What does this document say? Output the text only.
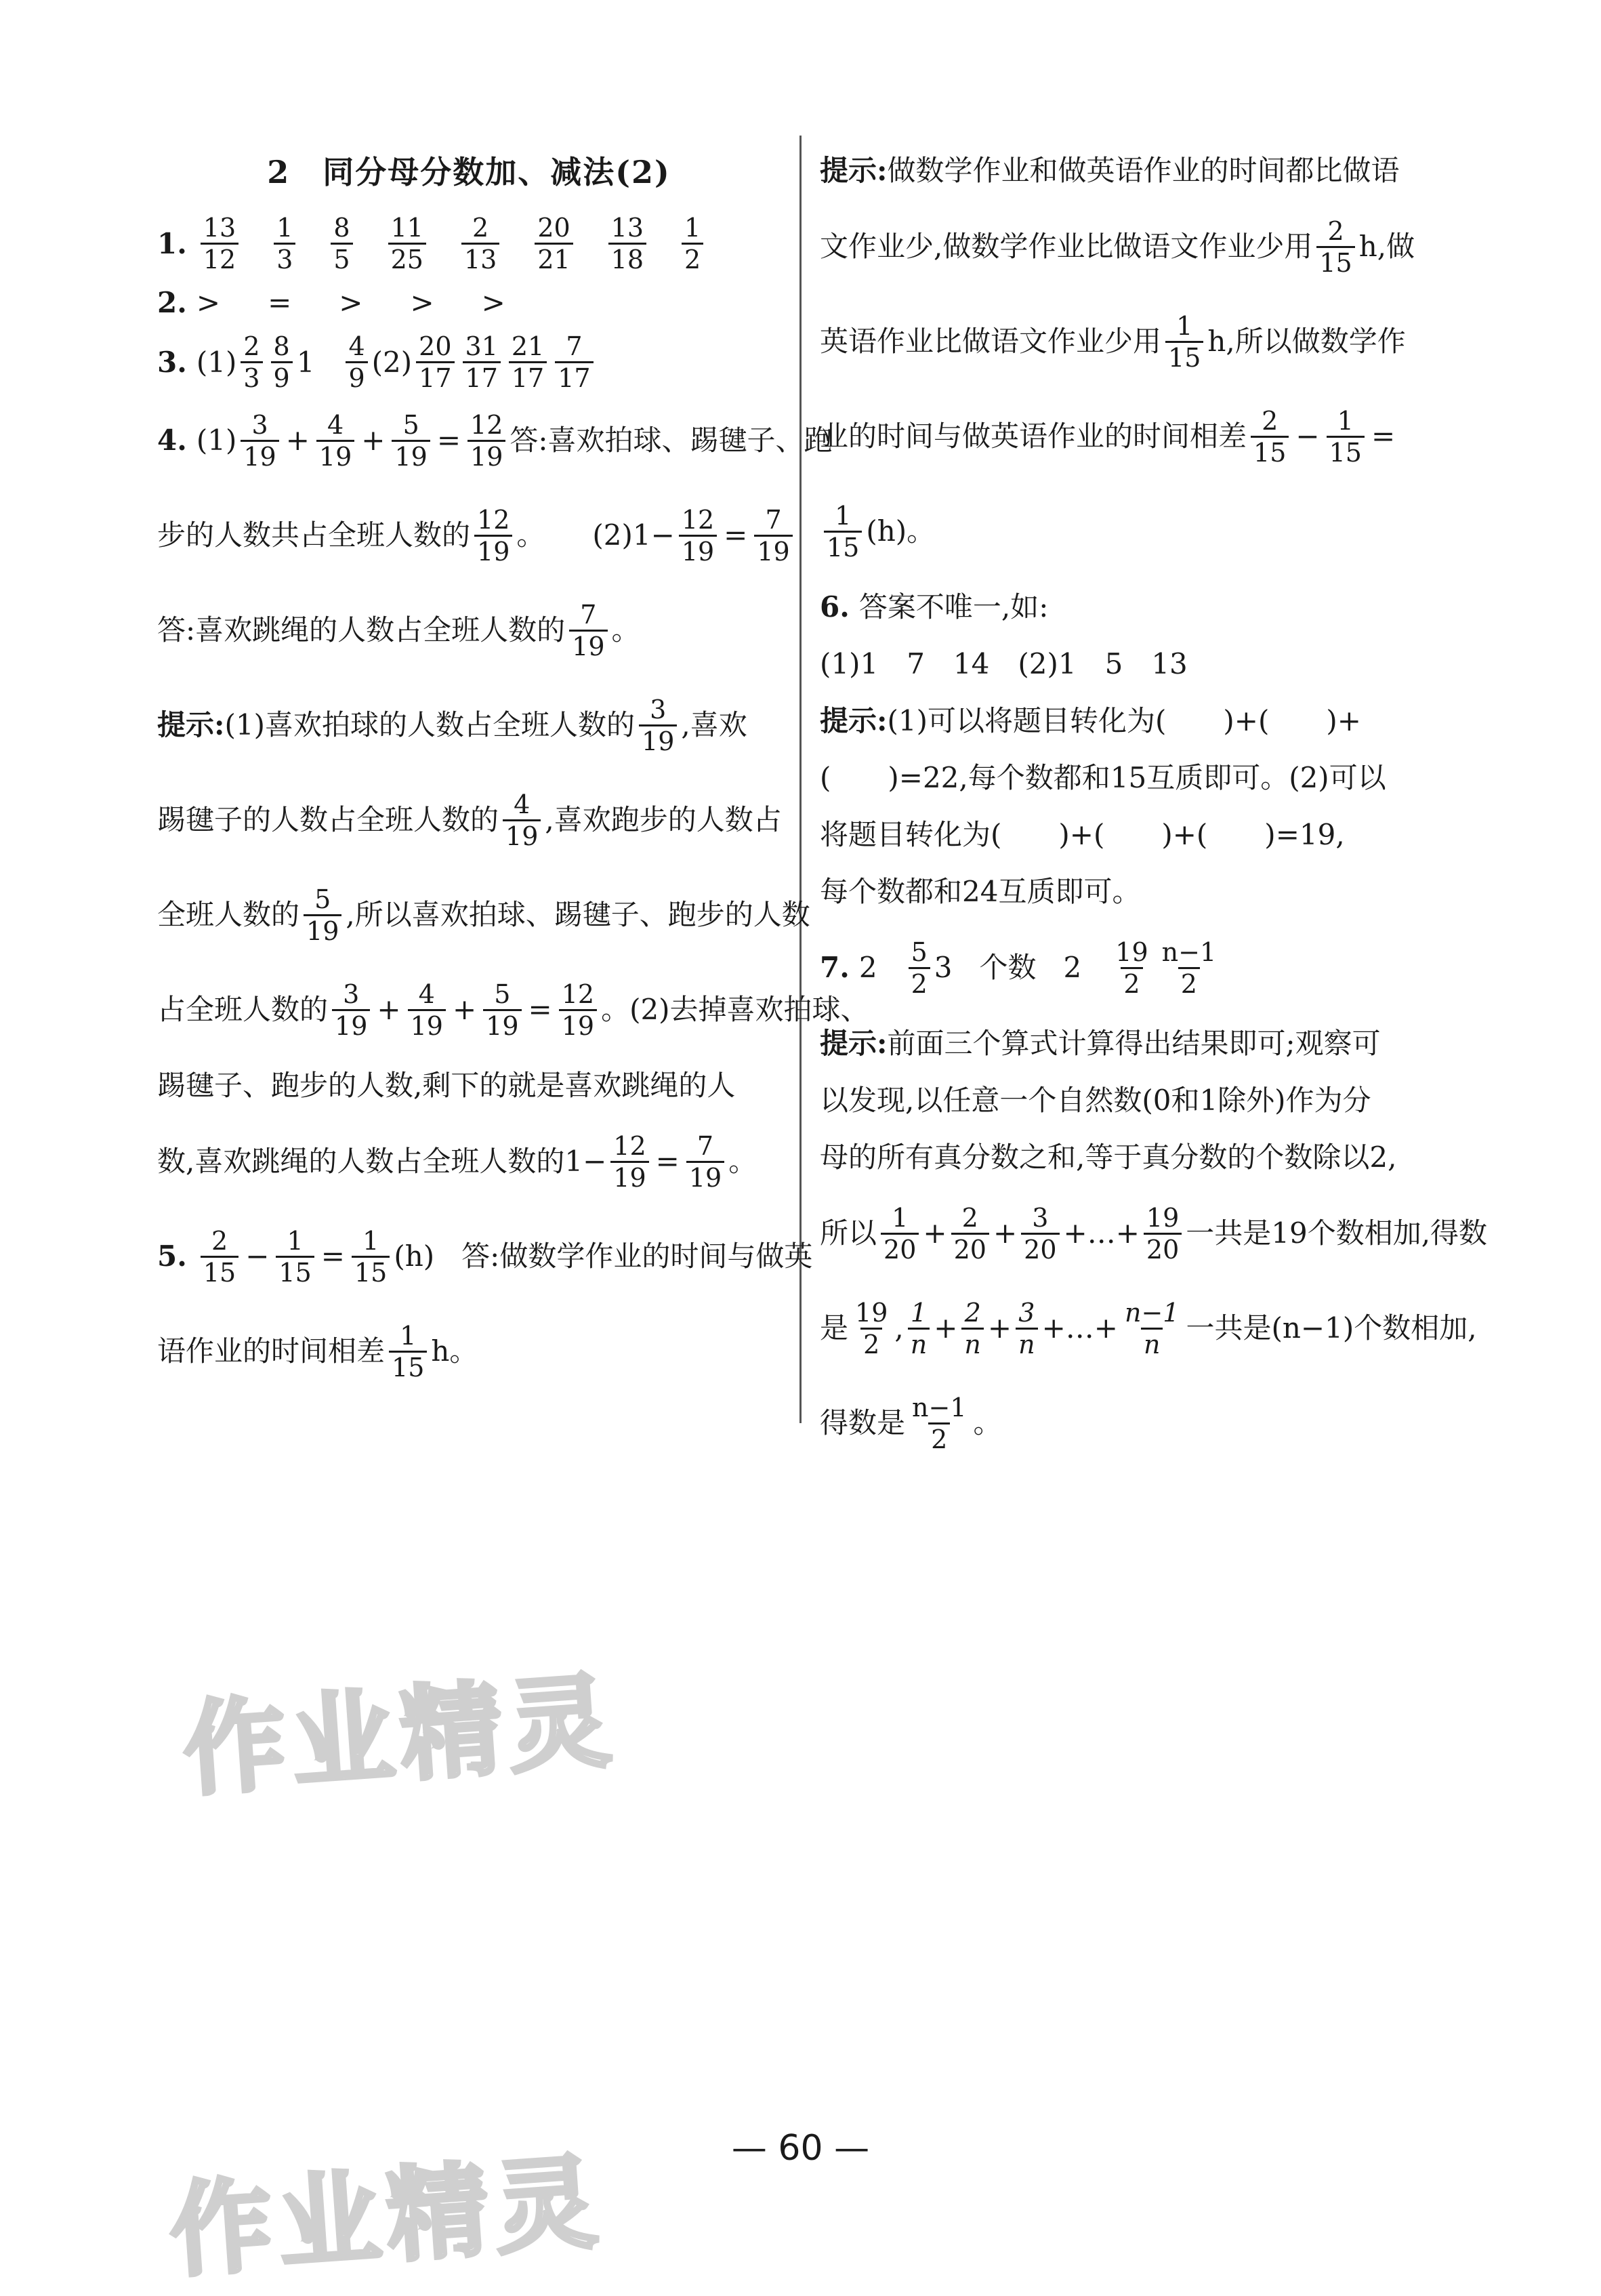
作业精灵
作业精灵
2　同分母分数加、减法(2)
1. $\frac{13}{12} \frac{1}{3} \frac{8}{5} \frac{11}{25} \frac{2}{13} \frac{20}{21} \frac{13}{18} \frac{1}{2}$
2. > = > > >
3. $(1) \frac{2}{3} \frac{8}{9} 1 \frac{4}{9} (2) \frac{20}{17} \frac{31}{17} \frac{21}{17} \frac{7}{17}$
4. $(1) \frac{3}{19} + \frac{4}{19} + \frac{5}{19} = \frac{12}{19}$ 答:喜欢拍球、踢毽子、跑
步的人数共占全班人数的 $\frac{12}{19}$ 。 (2) $1- \frac{12}{19} = \frac{7}{19}$
答:喜欢跳绳的人数占全班人数的 $\frac{7}{19}$ 。
提示: (1)喜欢拍球的人数占全班人数的 $\frac{3}{19}$ ,喜欢
踢毽子的人数占全班人数的 $\frac{4}{19}$ ,喜欢跑步的人数占
全班人数的 $\frac{5}{19}$ ,所以喜欢拍球、踢毽子、跑步的人数
占全班人数的 $\frac{3}{19} + \frac{4}{19} + \frac{5}{19} = \frac{12}{19}$ 。(2)去掉喜欢拍球、
踢毽子、跑步的人数,剩下的就是喜欢跳绳的人
数,喜欢跳绳的人数占全班人数的 $1- \frac{12}{19} = \frac{7}{19}$ 。
5. $\frac{2}{15} - \frac{1}{15} = \frac{1}{15} (h)$ 答:做数学作业的时间与做英
语作业的时间相差 $\frac{1}{15}$ h。
提示: 做数学作业和做英语作业的时间都比做语
文作业少,做数学作业比做语文作业少用 $\frac{2}{15} h$,做
英语作业比做语文作业少用 $\frac{1}{15} h$,所以做数学作
业的时间与做英语作业的时间相差 $\frac{2}{15} - \frac{1}{15}$ =
$\frac{1}{15} (h)$。
6. 答案不唯一,如:
(1)1　7　14　(2)1　5　13
提示: (1)可以将题目转化为(　　)+(　　)+
(　　)=22,每个数都和15互质即可。(2)可以
将题目转化为(　　)+(　　)+(　　)=19,
每个数都和24互质即可。
7. $2 \frac{5}{2} 3$ 个数 $2 \frac{19}{2} \frac{n-1}{2}$
提示: 前面三个算式计算得出结果即可;观察可
以发现,以任意一个自然数(0和1除外)作为分
母的所有真分数之和,等于真分数的个数除以2,
所以 $\frac{1}{20} + \frac{2}{20} + \frac{3}{20}$ +…+ $\frac{19}{20}$ 一共是19个数相加,得数
是 $\frac{19}{2}$ , $\frac{1}{n} + \frac{2}{n} + \frac{3}{n}$ +…+ $\frac{n-1}{n}$ 一共是(n−1)个数相加,
得数是 $\frac{n-1}{2}$ 。
— 60 —
